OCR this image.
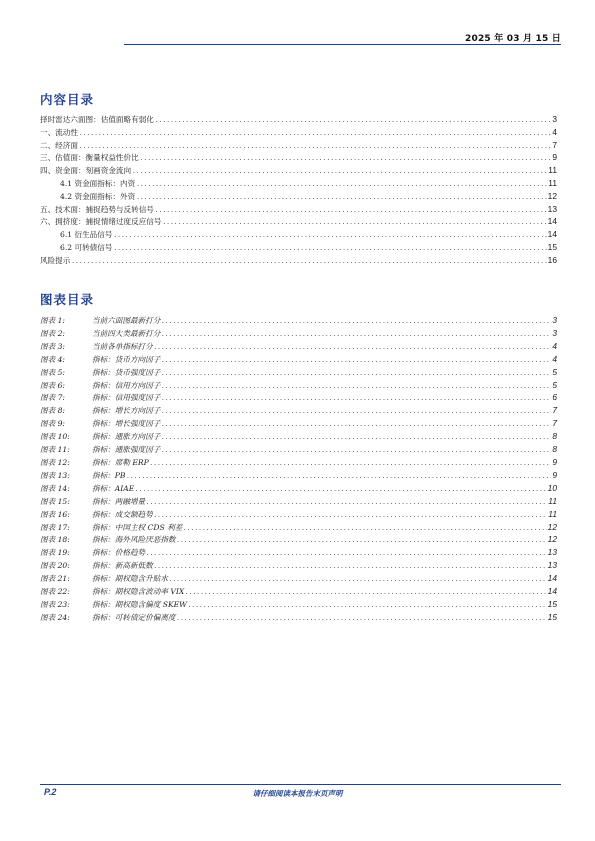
2025 年 03 月 15 日
内容目录
择时雷达六面图：估值面略有弱化 .....	3
一、流动性 .....	4
二、经济面 .....	7
三、估值面：衡量权益性价比 .....	9
四、资金面：刻画资金流向 .....	11
4.1 资金面指标：内资 .....	11
4.2 资金面指标：外资 .....	12
五、技术面：捕捉趋势与反转信号 .....	13
六、拥挤度：捕捉情绪过度反应信号 .....	14
6.1 衍生品信号 .....	14
6.2 可转债信号 .....	15
风险提示 .....	16
图表目录
图表 1:	当前六面图最新打分 .....	3
图表 2:	当前四大类最新打分 .....	3
图表 3:	当前各单指标打分 .....	4
图表 4:	指标：货币方向因子 .....	4
图表 5:	指标：货币强度因子 .....	5
图表 6:	指标：信用方向因子 .....	5
图表 7:	指标：信用强度因子 .....	6
图表 8:	指标：增长方向因子 .....	7
图表 9:	指标：增长强度因子 .....	7
图表 10:	指标：通胀方向因子 .....	8
图表 11:	指标：通胀强度因子 .....	8
图表 12:	指标：席勒 ERP .....	9
图表 13:	指标：PB .....	9
图表 14:	指标：AIAE .....	10
图表 15:	指标：两融增量 .....	11
图表 16:	指标：成交额趋势 .....	11
图表 17:	指标：中国主权 CDS 利差 .....	12
图表 18:	指标：海外风险厌恶指数 .....	12
图表 19:	指标：价格趋势 .....	13
图表 20:	指标：新高新低数 .....	13
图表 21:	指标：期权隐含升贴水 .....	14
图表 22:	指标：期权隐含波动率 VIX .....	14
图表 23:	指标：期权隐含偏度 SKEW .....	15
图表 24:	指标：可转债定价偏离度 .....	15
P.2	请仔细阅读本报告末页声明
